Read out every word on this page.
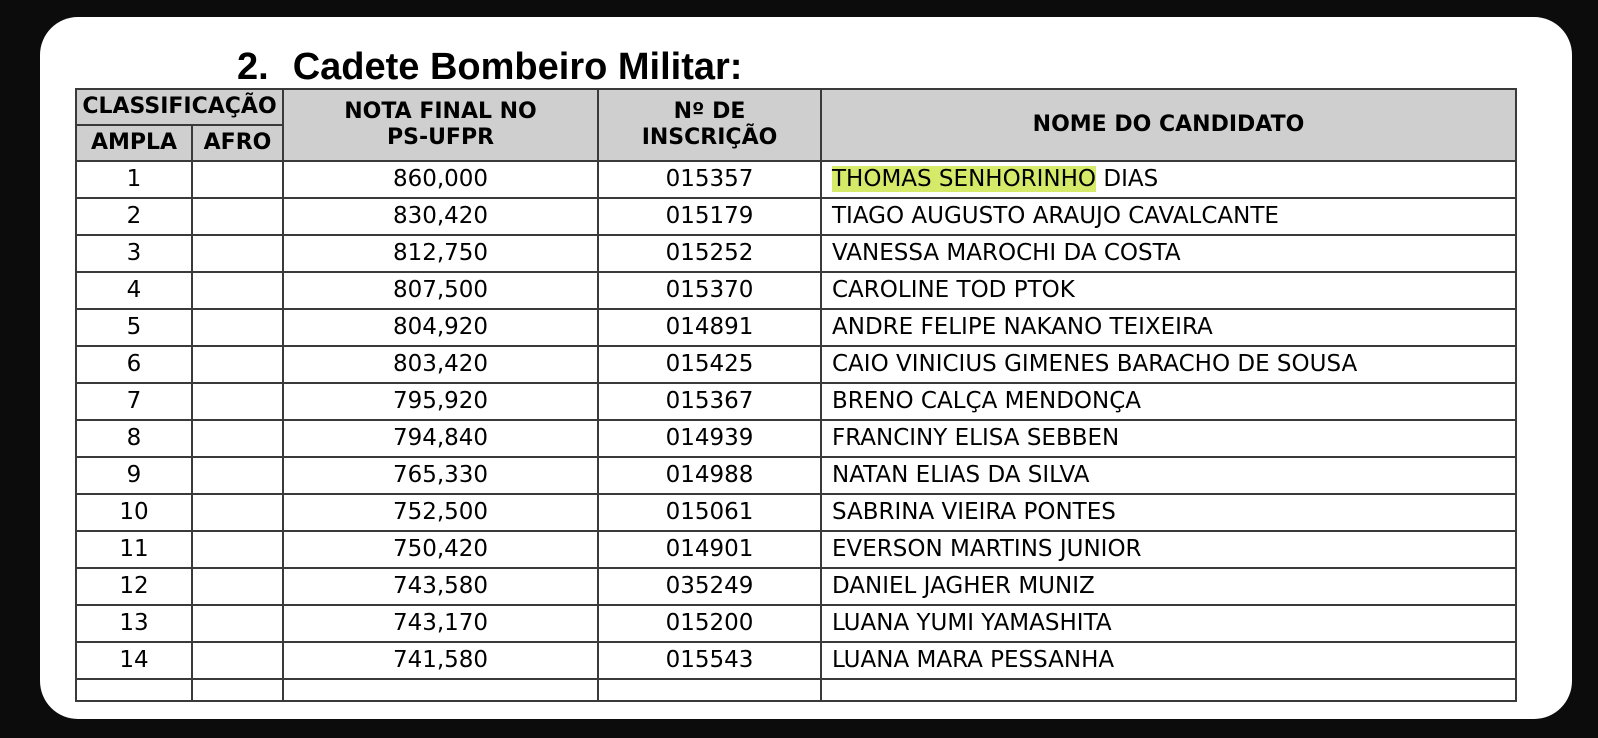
2. Cadete Bombeiro Militar:
CLASSIFICAÇÃO		NOTA FINAL NO PS-UFPR	Nº DE INSCRIÇÃO	NOME DO CANDIDATO
AMPLA	AFRO			
1		860,000	015357	THOMAS SENHORINHO DIAS
2		830,420	015179	TIAGO AUGUSTO ARAUJO CAVALCANTE
3		812,750	015252	VANESSA MAROCHI DA COSTA
4		807,500	015370	CAROLINE TOD PTOK
5		804,920	014891	ANDRE FELIPE NAKANO TEIXEIRA
6		803,420	015425	CAIO VINICIUS GIMENES BARACHO DE SOUSA
7		795,920	015367	BRENO CALÇA MENDONÇA
8		794,840	014939	FRANCINY ELISA SEBBEN
9		765,330	014988	NATAN ELIAS DA SILVA
10		752,500	015061	SABRINA VIEIRA PONTES
11		750,420	014901	EVERSON MARTINS JUNIOR
12		743,580	035249	DANIEL JAGHER MUNIZ
13		743,170	015200	LUANA YUMI YAMASHITA
14		741,580	015543	LUANA MARA PESSANHA
